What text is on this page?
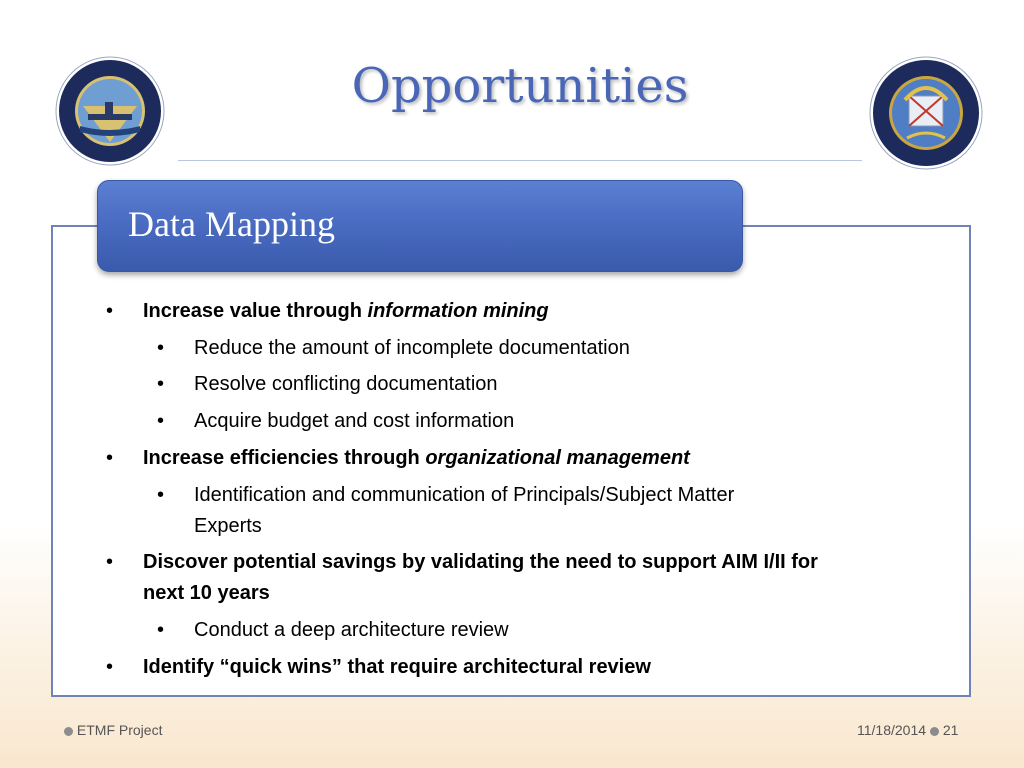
Opportunities
Data Mapping
• Increase value through information mining
• Reduce the amount of incomplete documentation
• Resolve conflicting documentation
• Acquire budget and cost information
• Increase efficiencies through organizational management
• Identification and communication of Principals/Subject Matter
Experts
• Discover potential savings by validating the need to support AIM I/II for
next 10 years
• Conduct a deep architecture review
• Identify “quick wins” that require architectural review
ETMF Project	11/18/2014 21
